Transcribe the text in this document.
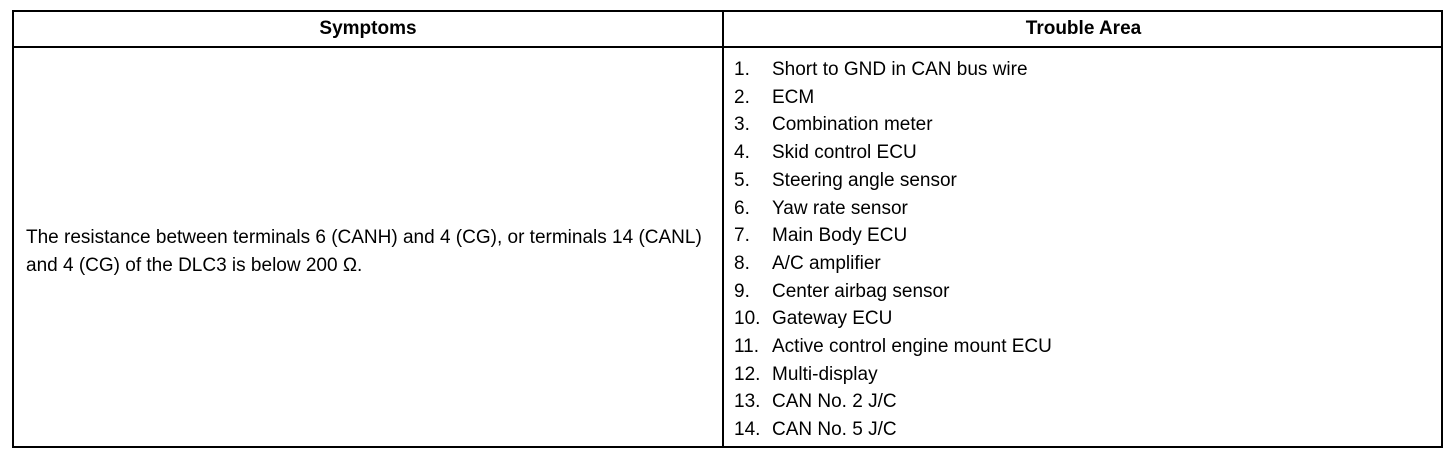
Symptoms	Trouble Area
The resistance between terminals 6 (CANH) and 4 (CG), or terminals 14 (CANL) and 4 (CG) of the DLC3 is below 200 Ω.
1.	Short to GND in CAN bus wire
2.	ECM
3.	Combination meter
4.	Skid control ECU
5.	Steering angle sensor
6.	Yaw rate sensor
7.	Main Body ECU
8.	A/C amplifier
9.	Center airbag sensor
10. Gateway ECU
11. Active control engine mount ECU
12. Multi-display
13. CAN No. 2 J/C
14. CAN No. 5 J/C
